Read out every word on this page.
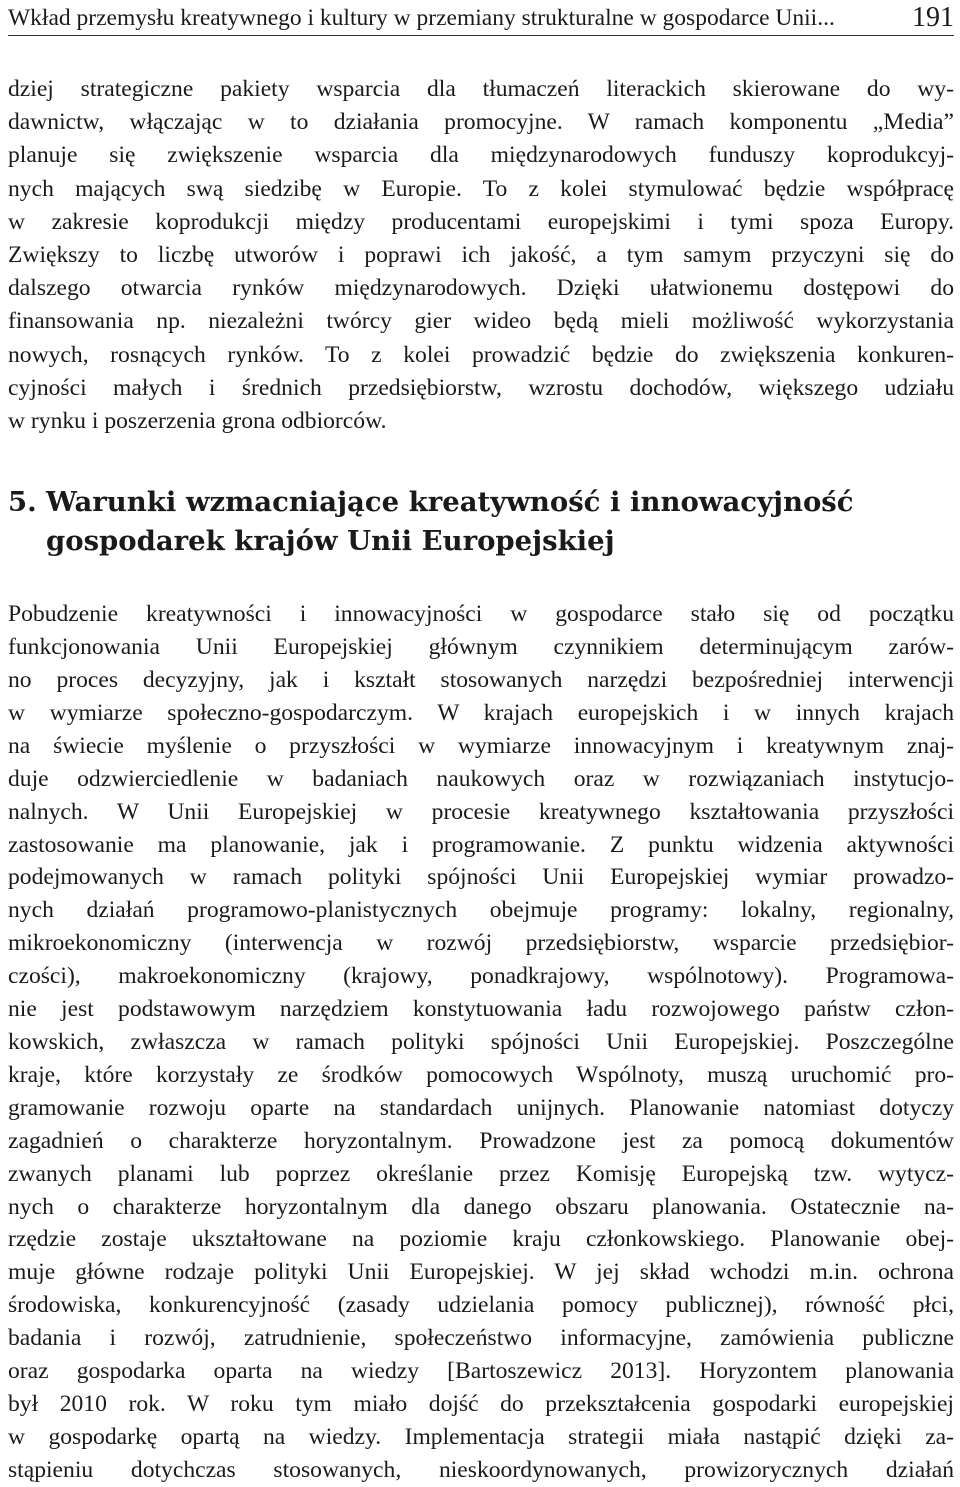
Wkład przemysłu kreatywnego i kultury w przemiany strukturalne w gospodarce Unii...	191

dziej strategiczne pakiety wsparcia dla tłumaczeń literackich skierowane do wy-
dawnictw, włączając w to działania promocyjne. W ramach komponentu „Media”
planuje się zwiększenie wsparcia dla międzynarodowych funduszy koprodukcyj-
nych mających swą siedzibę w Europie. To z kolei stymulować będzie współpracę
w zakresie koprodukcji między producentami europejskimi i tymi spoza Europy.
Zwiększy to liczbę utworów i poprawi ich jakość, a tym samym przyczyni się do
dalszego otwarcia rynków międzynarodowych. Dzięki ułatwionemu dostępowi do
finansowania np. niezależni twórcy gier wideo będą mieli możliwość wykorzystania
nowych, rosnących rynków. To z kolei prowadzić będzie do zwiększenia konkuren-
cyjności małych i średnich przedsiębiorstw, wzrostu dochodów, większego udziału
w rynku i poszerzenia grona odbiorców.

5. Warunki wzmacniające kreatywność i innowacyjność
gospodarek krajów Unii Europejskiej

Pobudzenie kreatywności i innowacyjności w gospodarce stało się od początku
funkcjonowania Unii Europejskiej głównym czynnikiem determinującym zarów-
no proces decyzyjny, jak i kształt stosowanych narzędzi bezpośredniej interwencji
w wymiarze społeczno-gospodarczym. W krajach europejskich i w innych krajach
na świecie myślenie o przyszłości w wymiarze innowacyjnym i kreatywnym znaj-
duje odzwierciedlenie w badaniach naukowych oraz w rozwiązaniach instytucjo-
nalnych. W Unii Europejskiej w procesie kreatywnego kształtowania przyszłości
zastosowanie ma planowanie, jak i programowanie. Z punktu widzenia aktywności
podejmowanych w ramach polityki spójności Unii Europejskiej wymiar prowadzo-
nych działań programowo-planistycznych obejmuje programy: lokalny, regionalny,
mikroekonomiczny (interwencja w rozwój przedsiębiorstw, wsparcie przedsiębior-
czości), makroekonomiczny (krajowy, ponadkrajowy, wspólnotowy). Programowa-
nie jest podstawowym narzędziem konstytuowania ładu rozwojowego państw człon-
kowskich, zwłaszcza w ramach polityki spójności Unii Europejskiej. Poszczególne
kraje, które korzystały ze środków pomocowych Wspólnoty, muszą uruchomić pro-
gramowanie rozwoju oparte na standardach unijnych. Planowanie natomiast dotyczy
zagadnień o charakterze horyzontalnym. Prowadzone jest za pomocą dokumentów
zwanych planami lub poprzez określanie przez Komisję Europejską tzw. wytycz-
nych o charakterze horyzontalnym dla danego obszaru planowania. Ostatecznie na-
rzędzie zostaje ukształtowane na poziomie kraju członkowskiego. Planowanie obej-
muje główne rodzaje polityki Unii Europejskiej. W jej skład wchodzi m.in. ochrona
środowiska, konkurencyjność (zasady udzielania pomocy publicznej), równość płci,
badania i rozwój, zatrudnienie, społeczeństwo informacyjne, zamówienia publiczne
oraz gospodarka oparta na wiedzy [Bartoszewicz 2013]. Horyzontem planowania
był 2010 rok. W roku tym miało dojść do przekształcenia gospodarki europejskiej
w gospodarkę opartą na wiedzy. Implementacja strategii miała nastąpić dzięki za-
stąpieniu dotychczas stosowanych, nieskoordynowanych, prowizorycznych działań
